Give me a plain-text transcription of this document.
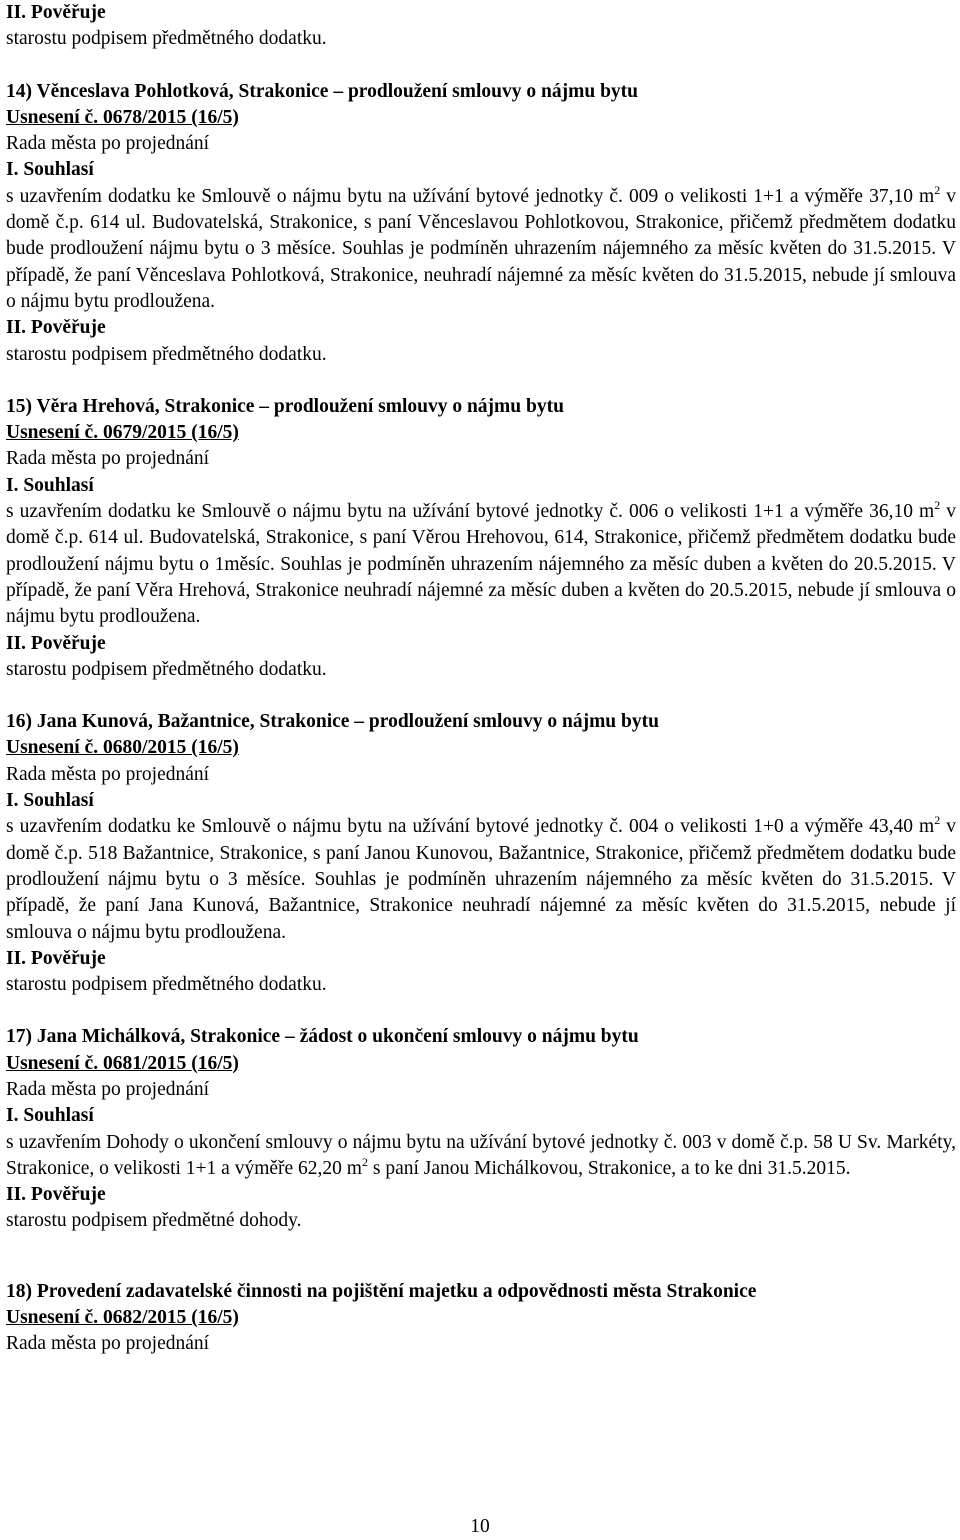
II. Pověřuje

starostu podpisem předmětného dodatku.

14) Věnceslava Pohlotková, Strakonice – prodloužení smlouvy o nájmu bytu

Usnesení č. 0678/2015 (16/5)

Rada města po projednání

I. Souhlasí

s uzavřením dodatku ke Smlouvě o nájmu bytu na užívání bytové jednotky č. 009 o velikosti 1+1 a výměře 37,10 $m^2$ v domě č.p. 614 ul. Budovatelská, Strakonice, s paní Věnceslavou Pohlotkovou, Strakonice, přičemž předmětem dodatku bude prodloužení nájmu bytu o 3 měsíce. Souhlas je podmíněn uhrazením nájemného za měsíc květen do 31.5.2015. V případě, že paní Věnceslava Pohlotková, Strakonice, neuhradí nájemné za měsíc květen do 31.5.2015, nebude jí smlouva o nájmu bytu prodloužena.

II. Pověřuje

starostu podpisem předmětného dodatku.

15) Věra Hrehová, Strakonice – prodloužení smlouvy o nájmu bytu

Usnesení č. 0679/2015 (16/5)

Rada města po projednání

I. Souhlasí

s uzavřením dodatku ke Smlouvě o nájmu bytu na užívání bytové jednotky č. 006 o velikosti 1+1 a výměře 36,10 $m^2$ v domě č.p. 614 ul. Budovatelská, Strakonice, s paní Věrou Hrehovou, 614, Strakonice, přičemž předmětem dodatku bude prodloužení nájmu bytu o 1měsíc. Souhlas je podmíněn uhrazením nájemného za měsíc duben a květen do 20.5.2015. V případě, že paní Věra Hrehová, Strakonice neuhradí nájemné za měsíc duben a květen do 20.5.2015, nebude jí smlouva o nájmu bytu prodloužena.

II. Pověřuje

starostu podpisem předmětného dodatku.

16) Jana Kunová, Bažantnice, Strakonice – prodloužení smlouvy o nájmu bytu

Usnesení č. 0680/2015 (16/5)

Rada města po projednání

I. Souhlasí

s uzavřením dodatku ke Smlouvě o nájmu bytu na užívání bytové jednotky č. 004 o velikosti 1+0 a výměře 43,40 $m^2$ v domě č.p. 518 Bažantnice, Strakonice, s paní Janou Kunovou, Bažantnice, Strakonice, přičemž předmětem dodatku bude prodloužení nájmu bytu o 3 měsíce. Souhlas je podmíněn uhrazením nájemného za měsíc květen do 31.5.2015. V případě, že paní Jana Kunová, Bažantnice, Strakonice neuhradí nájemné za měsíc květen do 31.5.2015, nebude jí smlouva o nájmu bytu prodloužena.

II. Pověřuje

starostu podpisem předmětného dodatku.

17) Jana Michálková, Strakonice – žádost o ukončení smlouvy o nájmu bytu

Usnesení č. 0681/2015 (16/5)

Rada města po projednání

I. Souhlasí

s uzavřením Dohody o ukončení smlouvy o nájmu bytu na užívání bytové jednotky č. 003 v domě č.p. 58 U Sv. Markéty, Strakonice, o velikosti 1+1 a výměře 62,20 $m^2$ s paní Janou Michálkovou, Strakonice, a to ke dni 31.5.2015.

II. Pověřuje

starostu podpisem předmětné dohody.

18) Provedení zadavatelské činnosti na pojištění majetku a odpovědnosti města Strakonice

Usnesení č. 0682/2015 (16/5)

Rada města po projednání

10
